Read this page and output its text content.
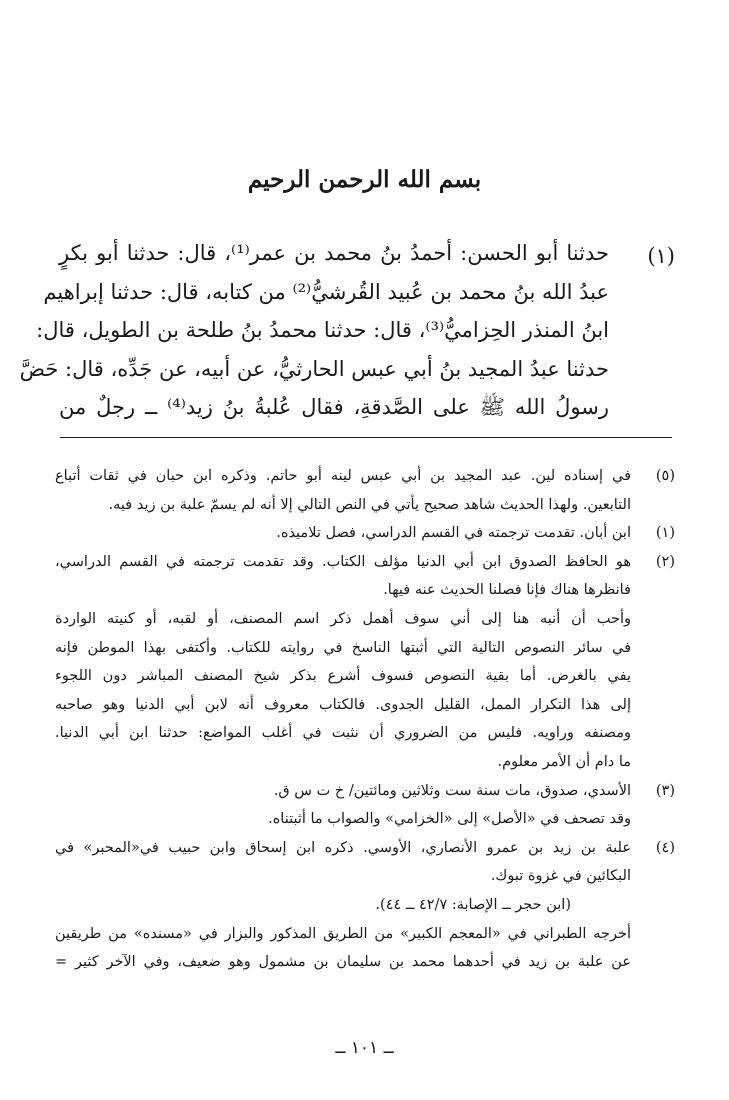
بسم الله الرحمن الرحيم
(١)
حدثنا أبو الحسن: أحمدُ بنُ محمد بن عمر⁽¹⁾، قال: حدثنا أبو بكرٍ
عبدُ الله بنُ محمد بن عُبيد القُرشيُّ⁽²⁾ من كتابه، قال: حدثنا إبراهيم
ابنُ المنذر الحِزاميُّ⁽³⁾، قال: حدثنا محمدُ بنُ طلحة بن الطويل، قال:
حدثنا عبدُ المجيد بنُ أبي عبس الحارثيُّ، عن أبيه، عن جَدِّه، قال: حَضَّ
رسولُ الله ﷺ على الصَّدقةِ، فقال عُلبةُ بنُ زيد⁽⁴⁾ ــ رجلٌ من
(٥)
في إسناده لين. عبد المجيد بن أبي عبس لينه أبو حاتم. وذكره ابن حبان في ثقات أتباع
التابعين. ولهذا الحديث شاهد صحيح يأتي في النص التالي إلا أنه لم يسمّ علبة بن زيد فيه.
(١)
ابن أبان. تقدمت ترجمته في القسم الدراسي، فصل تلاميذه.
(٢)
هو الحافظ الصدوق ابن أبي الدنيا مؤلف الكتاب. وقد تقدمت ترجمته في القسم الدراسي،
فانظرها هناك فإنا فصلنا الحديث عنه فيها.
وأحب أن أنبه هنا إلى أني سوف أهمل ذكر اسم المصنف، أو لقبه، أو كنيته الواردة
في سائر النصوص التالية التي أثبتها الناسخ في روايته للكتاب. وأكتفى بهذا الموطن فإنه
يفي بالغرض. أما بقية النصوص فسوف أشرع بذكر شيخ المصنف المباشر دون اللجوء
إلى هذا التكرار الممل، القليل الجدوى. فالكتاب معروف أنه لابن أبي الدنيا وهو صاحبه
ومصنفه وراويه. فليس من الضروري أن نثبت في أغلب المواضع: حدثنا ابن أبي الدنيا.
ما دام أن الأمر معلوم.
(٣)
الأسدي، صدوق، مات سنة ست وثلاثين ومائتين/ خ ت س ق.
وقد تصحف في «الأصل» إلى «الخزامي» والصواب ما أثبتناه.
(٤)
علبة بن زيد بن عمرو الأنصاري، الأوسي. ذكره ابن إسحاق وابن حبيب في«المحبر» في
البكائين في غزوة تبوك.
(ابن حجر ــ الإصابة: ٤٢/٧ ــ ٤٤).
أخرجه الطبراني في «المعجم الكبير» من الطريق المذكور والبزار في «مسنده» من طريقين
عن علبة بن زيد في أحدهما محمد بن سليمان بن مشمول وهو ضعيف، وفي الآخر كثير =
ــ ١٠١ ــ
